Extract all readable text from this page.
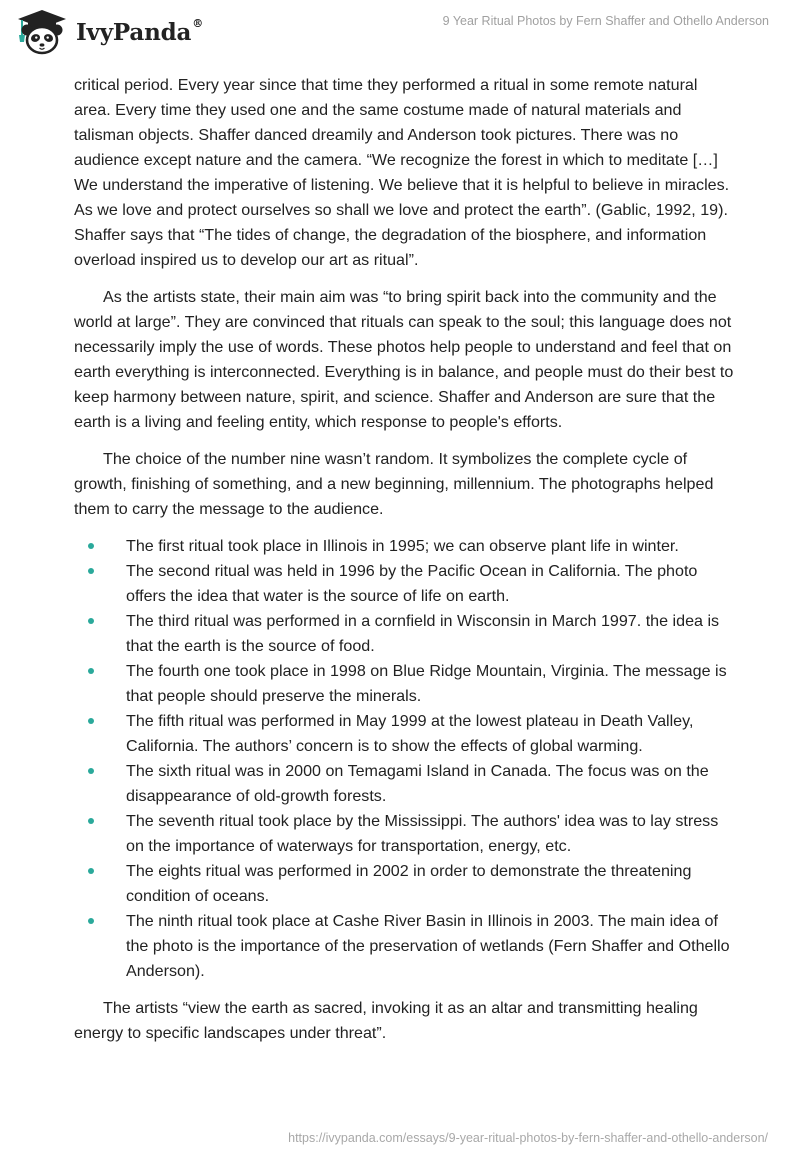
IvyPanda®	9 Year Ritual Photos by Fern Shaffer and Othello Anderson

critical period. Every year since that time they performed a ritual in some remote natural area. Every time they used one and the same costume made of natural materials and talisman objects. Shaffer danced dreamily and Anderson took pictures. There was no audience except nature and the camera. “We recognize the forest in which to meditate […] We understand the imperative of listening. We believe that it is helpful to believe in miracles. As we love and protect ourselves so shall we love and protect the earth”. (Gablic, 1992, 19). Shaffer says that “The tides of change, the degradation of the biosphere, and information overload inspired us to develop our art as ritual”.

As the artists state, their main aim was “to bring spirit back into the community and the world at large”. They are convinced that rituals can speak to the soul; this language does not necessarily imply the use of words. These photos help people to understand and feel that on earth everything is interconnected. Everything is in balance, and people must do their best to keep harmony between nature, spirit, and science. Shaffer and Anderson are sure that the earth is a living and feeling entity, which response to people's efforts.

The choice of the number nine wasn’t random. It symbolizes the complete cycle of growth, finishing of something, and a new beginning, millennium. The photographs helped them to carry the message to the audience.

The first ritual took place in Illinois in 1995; we can observe plant life in winter.
The second ritual was held in 1996 by the Pacific Ocean in California. The photo offers the idea that water is the source of life on earth.
The third ritual was performed in a cornfield in Wisconsin in March 1997. the idea is that the earth is the source of food.
The fourth one took place in 1998 on Blue Ridge Mountain, Virginia. The message is that people should preserve the minerals.
The fifth ritual was performed in May 1999 at the lowest plateau in Death Valley, California. The authors’ concern is to show the effects of global warming.
The sixth ritual was in 2000 on Temagami Island in Canada. The focus was on the disappearance of old-growth forests.
The seventh ritual took place by the Mississippi. The authors' idea was to lay stress on the importance of waterways for transportation, energy, etc.
The eights ritual was performed in 2002 in order to demonstrate the threatening condition of oceans.
The ninth ritual took place at Cashe River Basin in Illinois in 2003. The main idea of the photo is the importance of the preservation of wetlands (Fern Shaffer and Othello Anderson).

The artists “view the earth as sacred, invoking it as an altar and transmitting healing energy to specific landscapes under threat”.

https://ivypanda.com/essays/9-year-ritual-photos-by-fern-shaffer-and-othello-anderson/
